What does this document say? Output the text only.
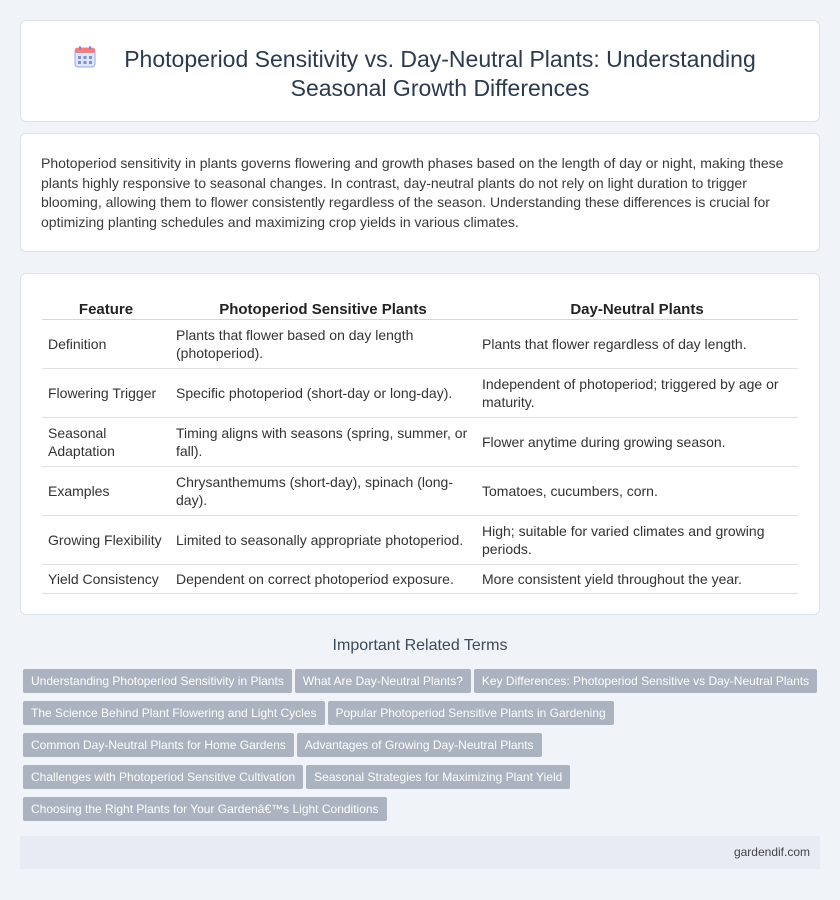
Photoperiod Sensitivity vs. Day-Neutral Plants: Understanding Seasonal Growth Differences

Photoperiod sensitivity in plants governs flowering and growth phases based on the length of day or night, making these plants highly responsive to seasonal changes. In contrast, day-neutral plants do not rely on light duration to trigger blooming, allowing them to flower consistently regardless of the season. Understanding these differences is crucial for optimizing planting schedules and maximizing crop yields in various climates.

Feature	Photoperiod Sensitive Plants	Day-Neutral Plants
Definition	Plants that flower based on day length (photoperiod).	Plants that flower regardless of day length.
Flowering Trigger	Specific photoperiod (short-day or long-day).	Independent of photoperiod; triggered by age or maturity.
Seasonal Adaptation	Timing aligns with seasons (spring, summer, or fall).	Flower anytime during growing season.
Examples	Chrysanthemums (short-day), spinach (long-day).	Tomatoes, cucumbers, corn.
Growing Flexibility	Limited to seasonally appropriate photoperiod.	High; suitable for varied climates and growing periods.
Yield Consistency	Dependent on correct photoperiod exposure.	More consistent yield throughout the year.
Important Related Terms
Understanding Photoperiod Sensitivity in Plants What Are Day-Neutral Plants? Key Differences: Photoperiod Sensitive vs Day-Neutral Plants
The Science Behind Plant Flowering and Light Cycles Popular Photoperiod Sensitive Plants in Gardening
Common Day-Neutral Plants for Home Gardens Advantages of Growing Day-Neutral Plants
Challenges with Photoperiod Sensitive Cultivation Seasonal Strategies for Maximizing Plant Yield
Choosing the Right Plants for Your Gardenâ€™s Light Conditions
gardendif.com
